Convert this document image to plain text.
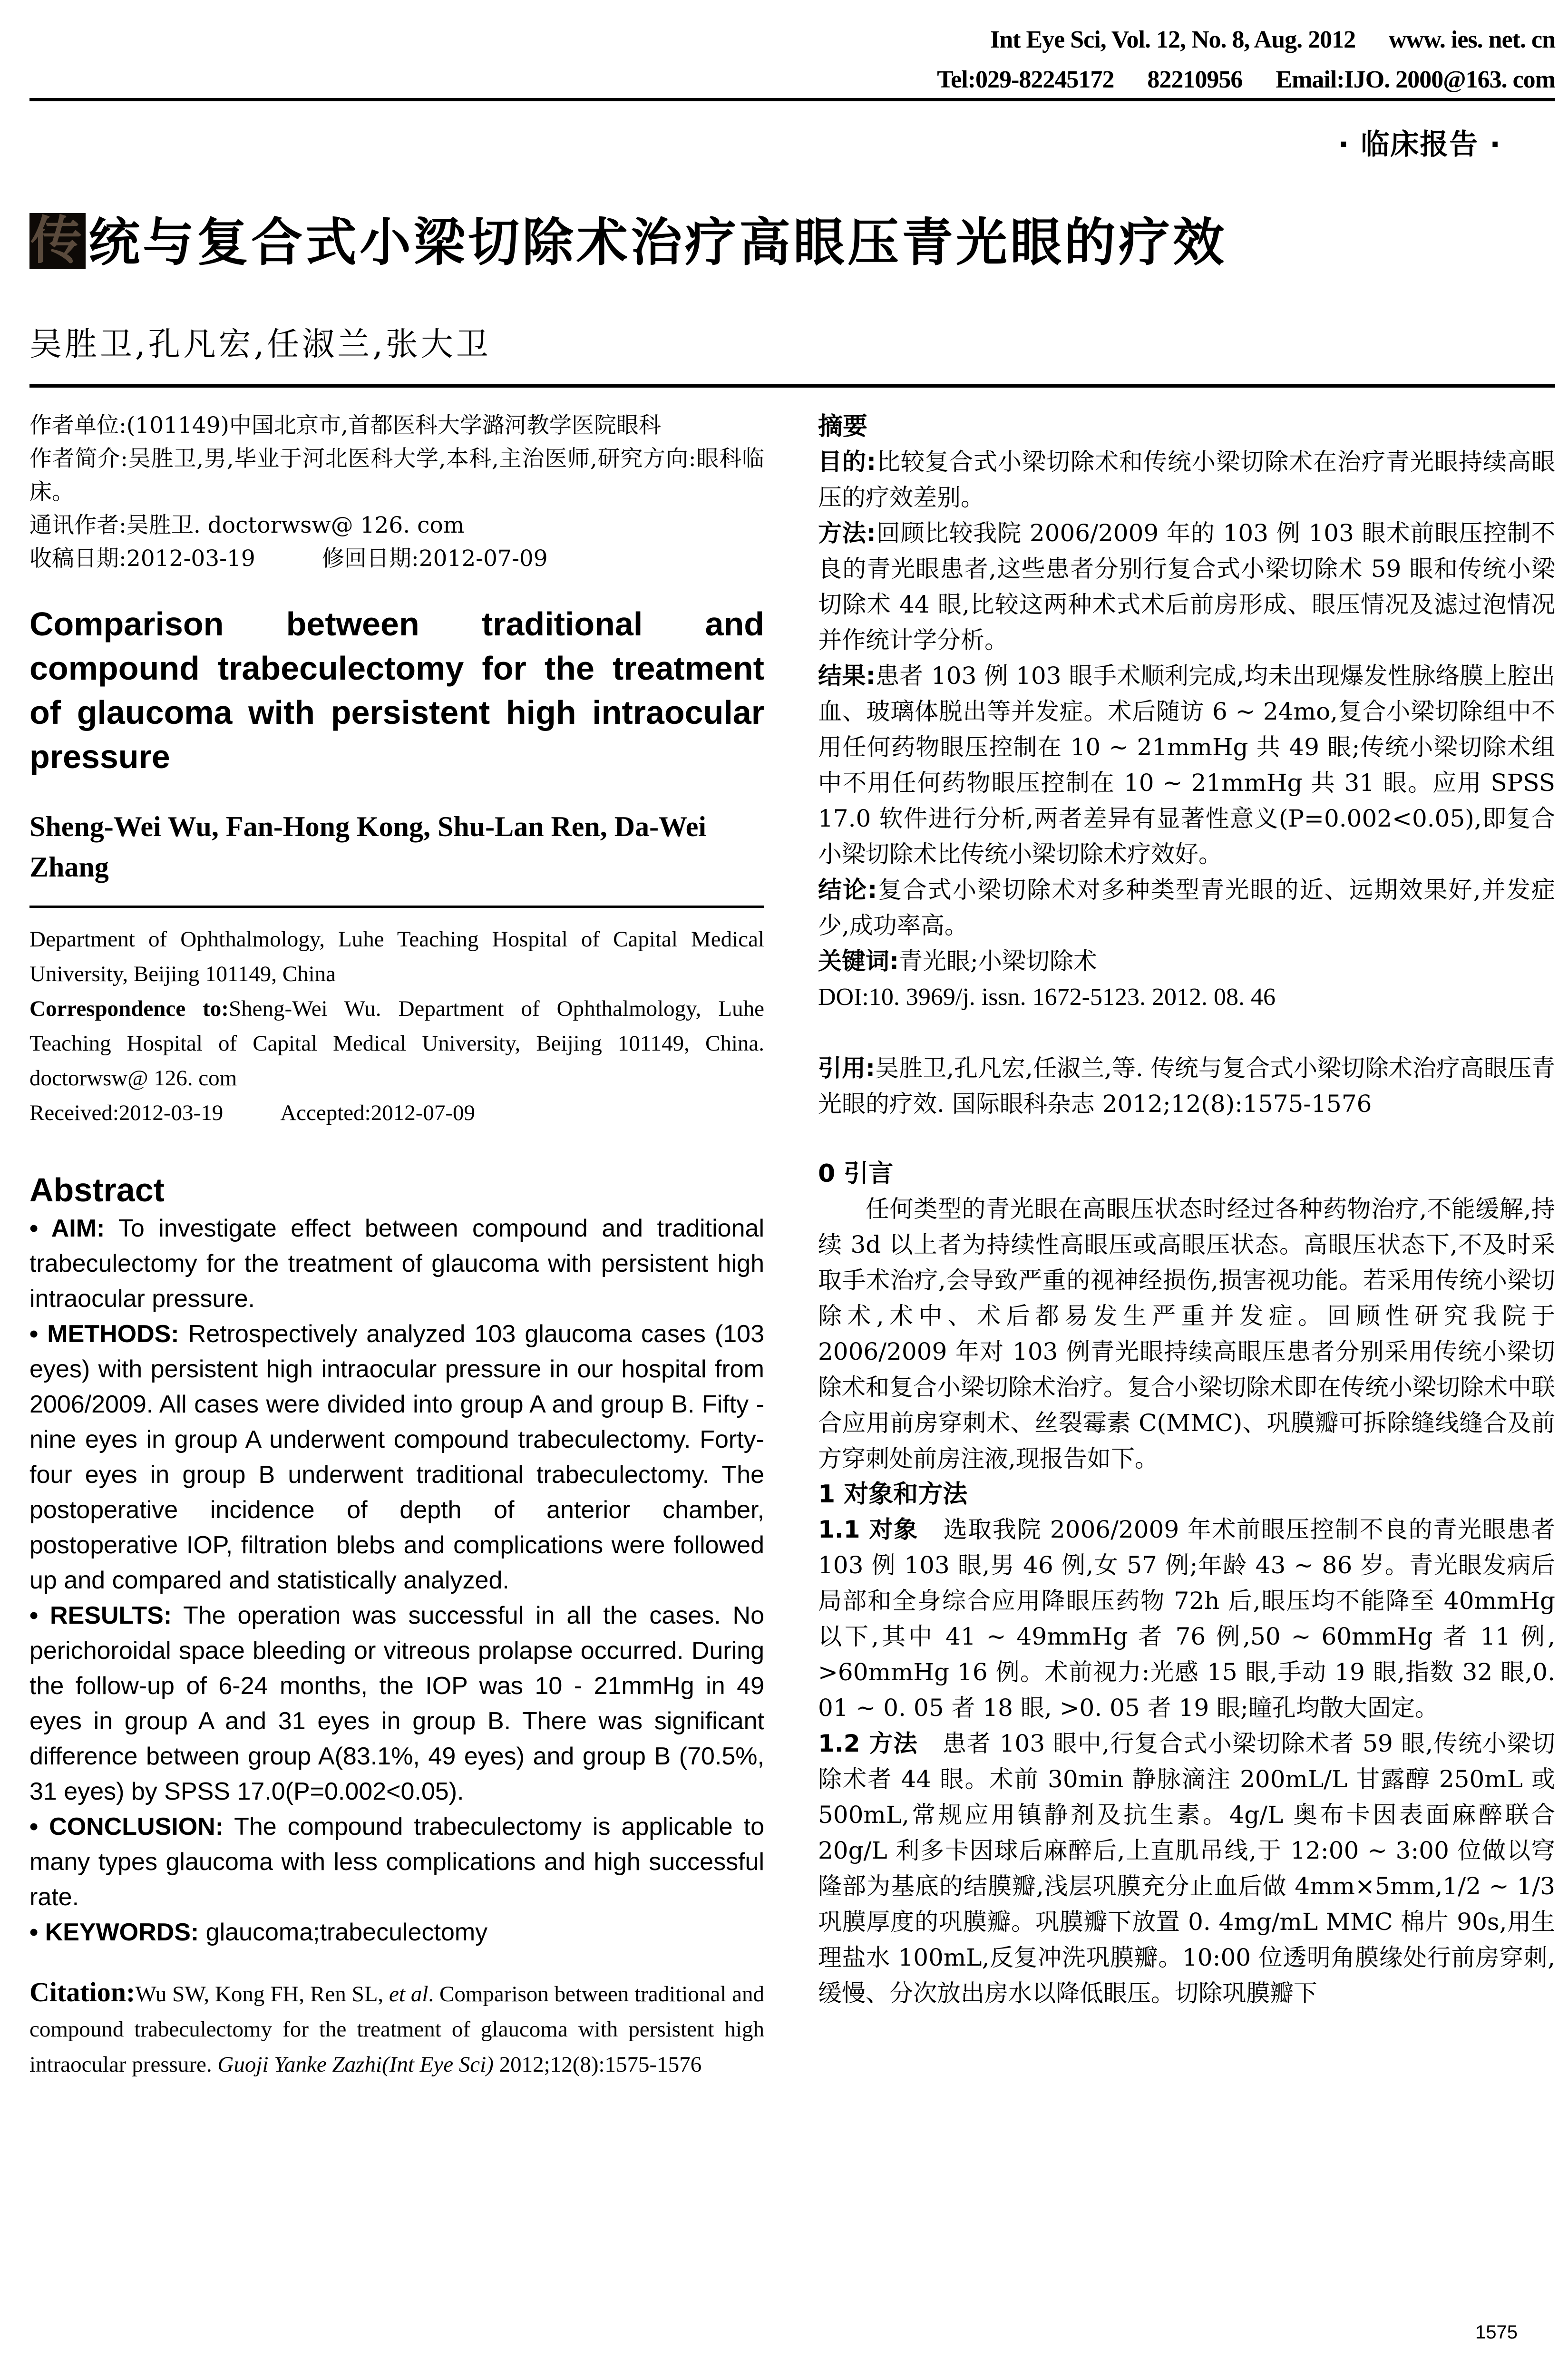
Int Eye Sci, Vol. 12, No. 8, Aug. 2012 www. ies. net. cn
Tel:029-82245172 82210956 Email:IJO. 2000@163. com
· 临床报告 ·
传统与复合式小梁切除术治疗高眼压青光眼的疗效
吴胜卫,孔凡宏,任淑兰,张大卫

作者单位:(101149)中国北京市,首都医科大学潞河教学医院眼科

作者简介:吴胜卫,男,毕业于河北医科大学,本科,主治医师,研究方向:眼科临床。

通讯作者:吴胜卫. doctorwsw@ 126. com

收稿日期:2012-03-19	修回日期:2012-07-09

Comparison between traditional and compound trabeculectomy for the treatment of glaucoma with persistent high intraocular pressure
Sheng-Wei Wu, Fan-Hong Kong, Shu-Lan Ren, Da-Wei Zhang

Department of Ophthalmology, Luhe Teaching Hospital of Capital Medical University, Beijing 101149, China

Correspondence to:Sheng-Wei Wu. Department of Ophthalmology, Luhe Teaching Hospital of Capital Medical University, Beijing 101149, China. doctorwsw@ 126. com

Received:2012-03-19	Accepted:2012-07-09

Abstract

• AIM: To investigate effect between compound and traditional trabeculectomy for the treatment of glaucoma with persistent high intraocular pressure.

• METHODS: Retrospectively analyzed 103 glaucoma cases (103 eyes) with persistent high intraocular pressure in our hospital from 2006/2009. All cases were divided into group A and group B. Fifty - nine eyes in group A underwent compound trabeculectomy. Forty-four eyes in group B underwent traditional trabeculectomy. The postoperative incidence of depth of anterior chamber, postoperative IOP, filtration blebs and complications were followed up and compared and statistically analyzed.

• RESULTS: The operation was successful in all the cases. No perichoroidal space bleeding or vitreous prolapse occurred. During the follow-up of 6-24 months, the IOP was 10 - 21mmHg in 49 eyes in group A and 31 eyes in group B. There was significant difference between group A(83.1%, 49 eyes) and group B (70.5%, 31 eyes) by SPSS 17.0(P=0.002<0.05).

• CONCLUSION: The compound trabeculectomy is applicable to many types glaucoma with less complications and high successful rate.

• KEYWORDS: glaucoma;trabeculectomy

Citation:Wu SW, Kong FH, Ren SL, et al. Comparison between traditional and compound trabeculectomy for the treatment of glaucoma with persistent high intraocular pressure. Guoji Yanke Zazhi(Int Eye Sci) 2012;12(8):1575-1576
摘要

目的:比较复合式小梁切除术和传统小梁切除术在治疗青光眼持续高眼压的疗效差别。

方法:回顾比较我院 2006/2009 年的 103 例 103 眼术前眼压控制不良的青光眼患者,这些患者分别行复合式小梁切除术 59 眼和传统小梁切除术 44 眼,比较这两种术式术后前房形成、眼压情况及滤过泡情况并作统计学分析。

结果:患者 103 例 103 眼手术顺利完成,均未出现爆发性脉络膜上腔出血、玻璃体脱出等并发症。术后随访 6 ~ 24mo,复合小梁切除组中不用任何药物眼压控制在 10 ~ 21mmHg 共 49 眼;传统小梁切除术组中不用任何药物眼压控制在 10 ~ 21mmHg 共 31 眼。应用 SPSS 17.0 软件进行分析,两者差异有显著性意义(P=0.002<0.05),即复合小梁切除术比传统小梁切除术疗效好。

结论:复合式小梁切除术对多种类型青光眼的近、远期效果好,并发症少,成功率高。

关键词:青光眼;小梁切除术

DOI:10. 3969/j. issn. 1672-5123. 2012. 08. 46

引用:吴胜卫,孔凡宏,任淑兰,等. 传统与复合式小梁切除术治疗高眼压青光眼的疗效. 国际眼科杂志 2012;12(8):1575-1576

0 引言

任何类型的青光眼在高眼压状态时经过各种药物治疗,不能缓解,持续 3d 以上者为持续性高眼压或高眼压状态。高眼压状态下,不及时采取手术治疗,会导致严重的视神经损伤,损害视功能。若采用传统小梁切除术,术中、术后都易发生严重并发症。回顾性研究我院于 2006/2009 年对 103 例青光眼持续高眼压患者分别采用传统小梁切除术和复合小梁切除术治疗。复合小梁切除术即在传统小梁切除术中联合应用前房穿刺术、丝裂霉素 C(MMC)、巩膜瓣可拆除缝线缝合及前方穿刺处前房注液,现报告如下。

1 对象和方法

1.1 对象 选取我院 2006/2009 年术前眼压控制不良的青光眼患者 103 例 103 眼,男 46 例,女 57 例;年龄 43 ~ 86 岁。青光眼发病后局部和全身综合应用降眼压药物 72h 后,眼压均不能降至 40mmHg 以下,其中 41 ~ 49mmHg 者 76 例,50 ~ 60mmHg 者 11 例, >60mmHg 16 例。术前视力:光感 15 眼,手动 19 眼,指数 32 眼,0. 01 ~ 0. 05 者 18 眼, >0. 05 者 19 眼;瞳孔均散大固定。

1.2 方法 患者 103 眼中,行复合式小梁切除术者 59 眼,传统小梁切除术者 44 眼。术前 30min 静脉滴注 200mL/L 甘露醇 250mL 或 500mL,常规应用镇静剂及抗生素。4g/L 奥布卡因表面麻醉联合 20g/L 利多卡因球后麻醉后,上直肌吊线,于 12:00 ~ 3:00 位做以穹隆部为基底的结膜瓣,浅层巩膜充分止血后做 4mm×5mm,1/2 ~ 1/3 巩膜厚度的巩膜瓣。巩膜瓣下放置 0. 4mg/mL MMC 棉片 90s,用生理盐水 100mL,反复冲洗巩膜瓣。10:00 位透明角膜缘处行前房穿刺,缓慢、分次放出房水以降低眼压。切除巩膜瓣下

1575
